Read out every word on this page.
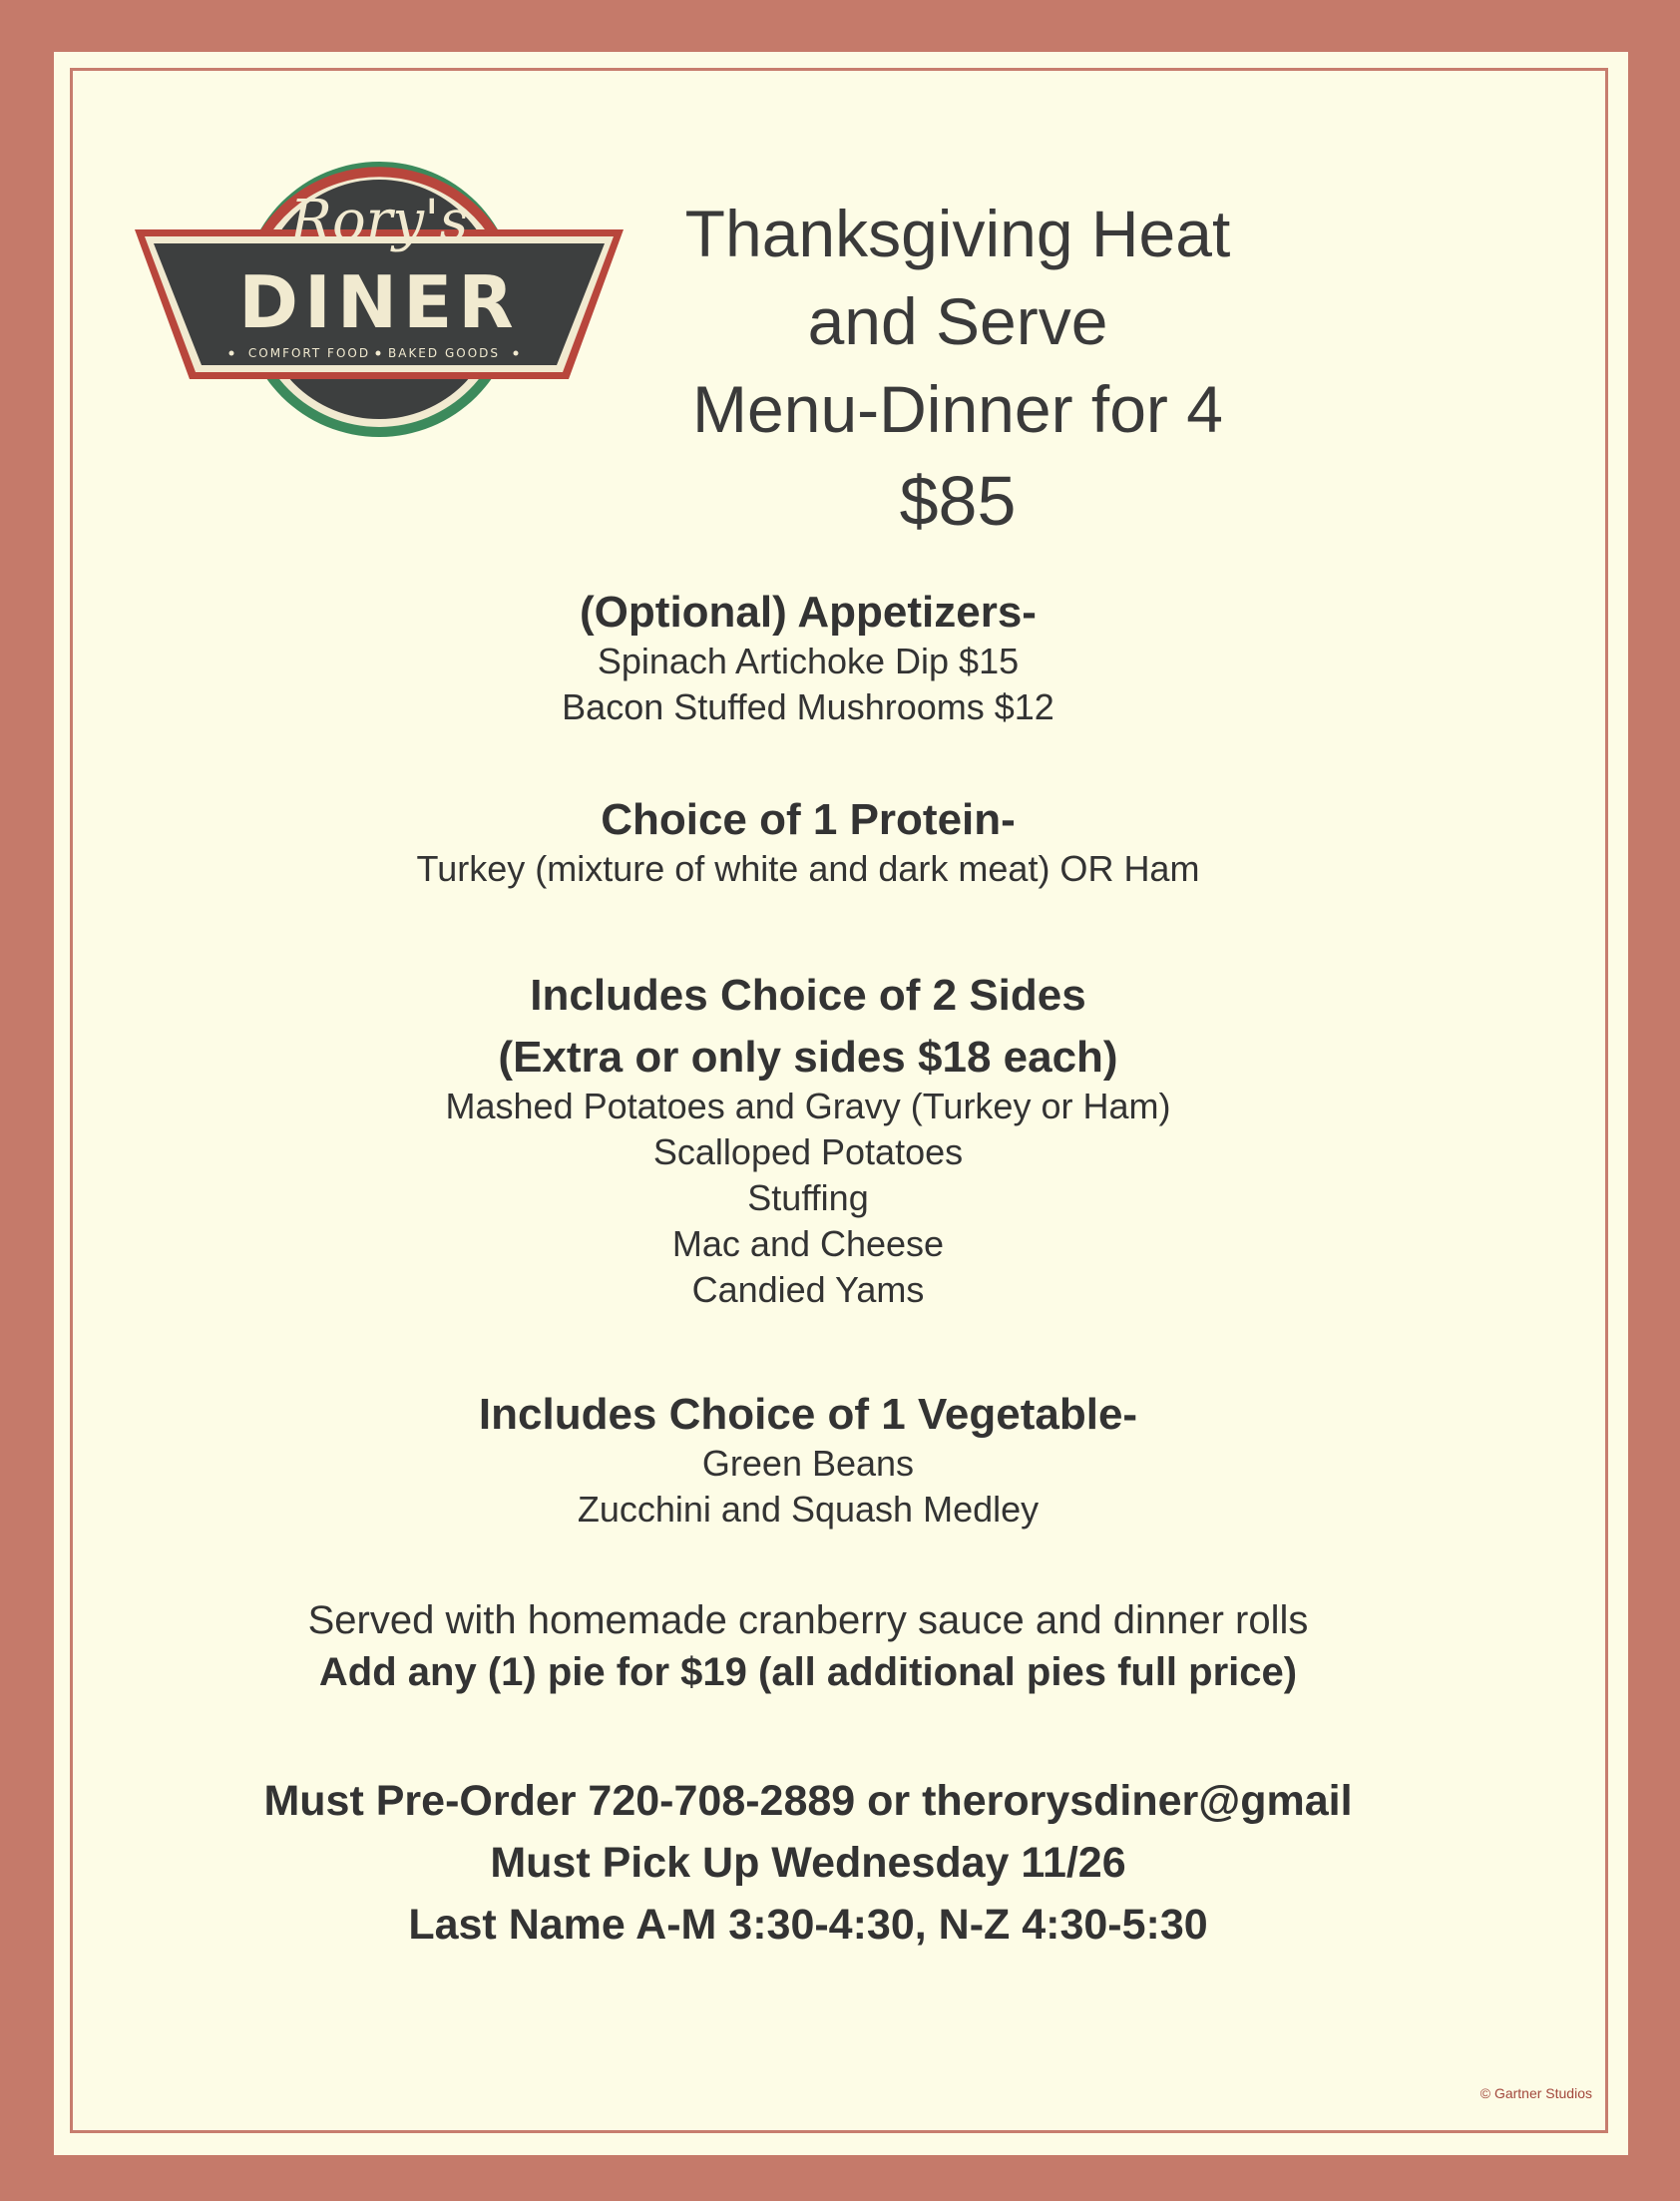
Rory's
DINER
COMFORT FOOD BAKED GOODS
Thanksgiving Heat
and Serve
Menu-Dinner for 4
$85
(Optional) Appetizers-
Spinach Artichoke Dip $15
Bacon Stuffed Mushrooms $12
Choice of 1 Protein-
Turkey (mixture of white and dark meat) OR Ham
Includes Choice of 2 Sides
(Extra or only sides $18 each)
Mashed Potatoes and Gravy (Turkey or Ham)
Scalloped Potatoes
Stuffing
Mac and Cheese
Candied Yams
Includes Choice of 1 Vegetable-
Green Beans
Zucchini and Squash Medley
Served with homemade cranberry sauce and dinner rolls
Add any (1) pie for $19 (all additional pies full price)
Must Pre-Order 720-708-2889 or therorysdiner@gmail
Must Pick Up Wednesday 11/26
Last Name A-M 3:30-4:30, N-Z 4:30-5:30
© Gartner Studios
